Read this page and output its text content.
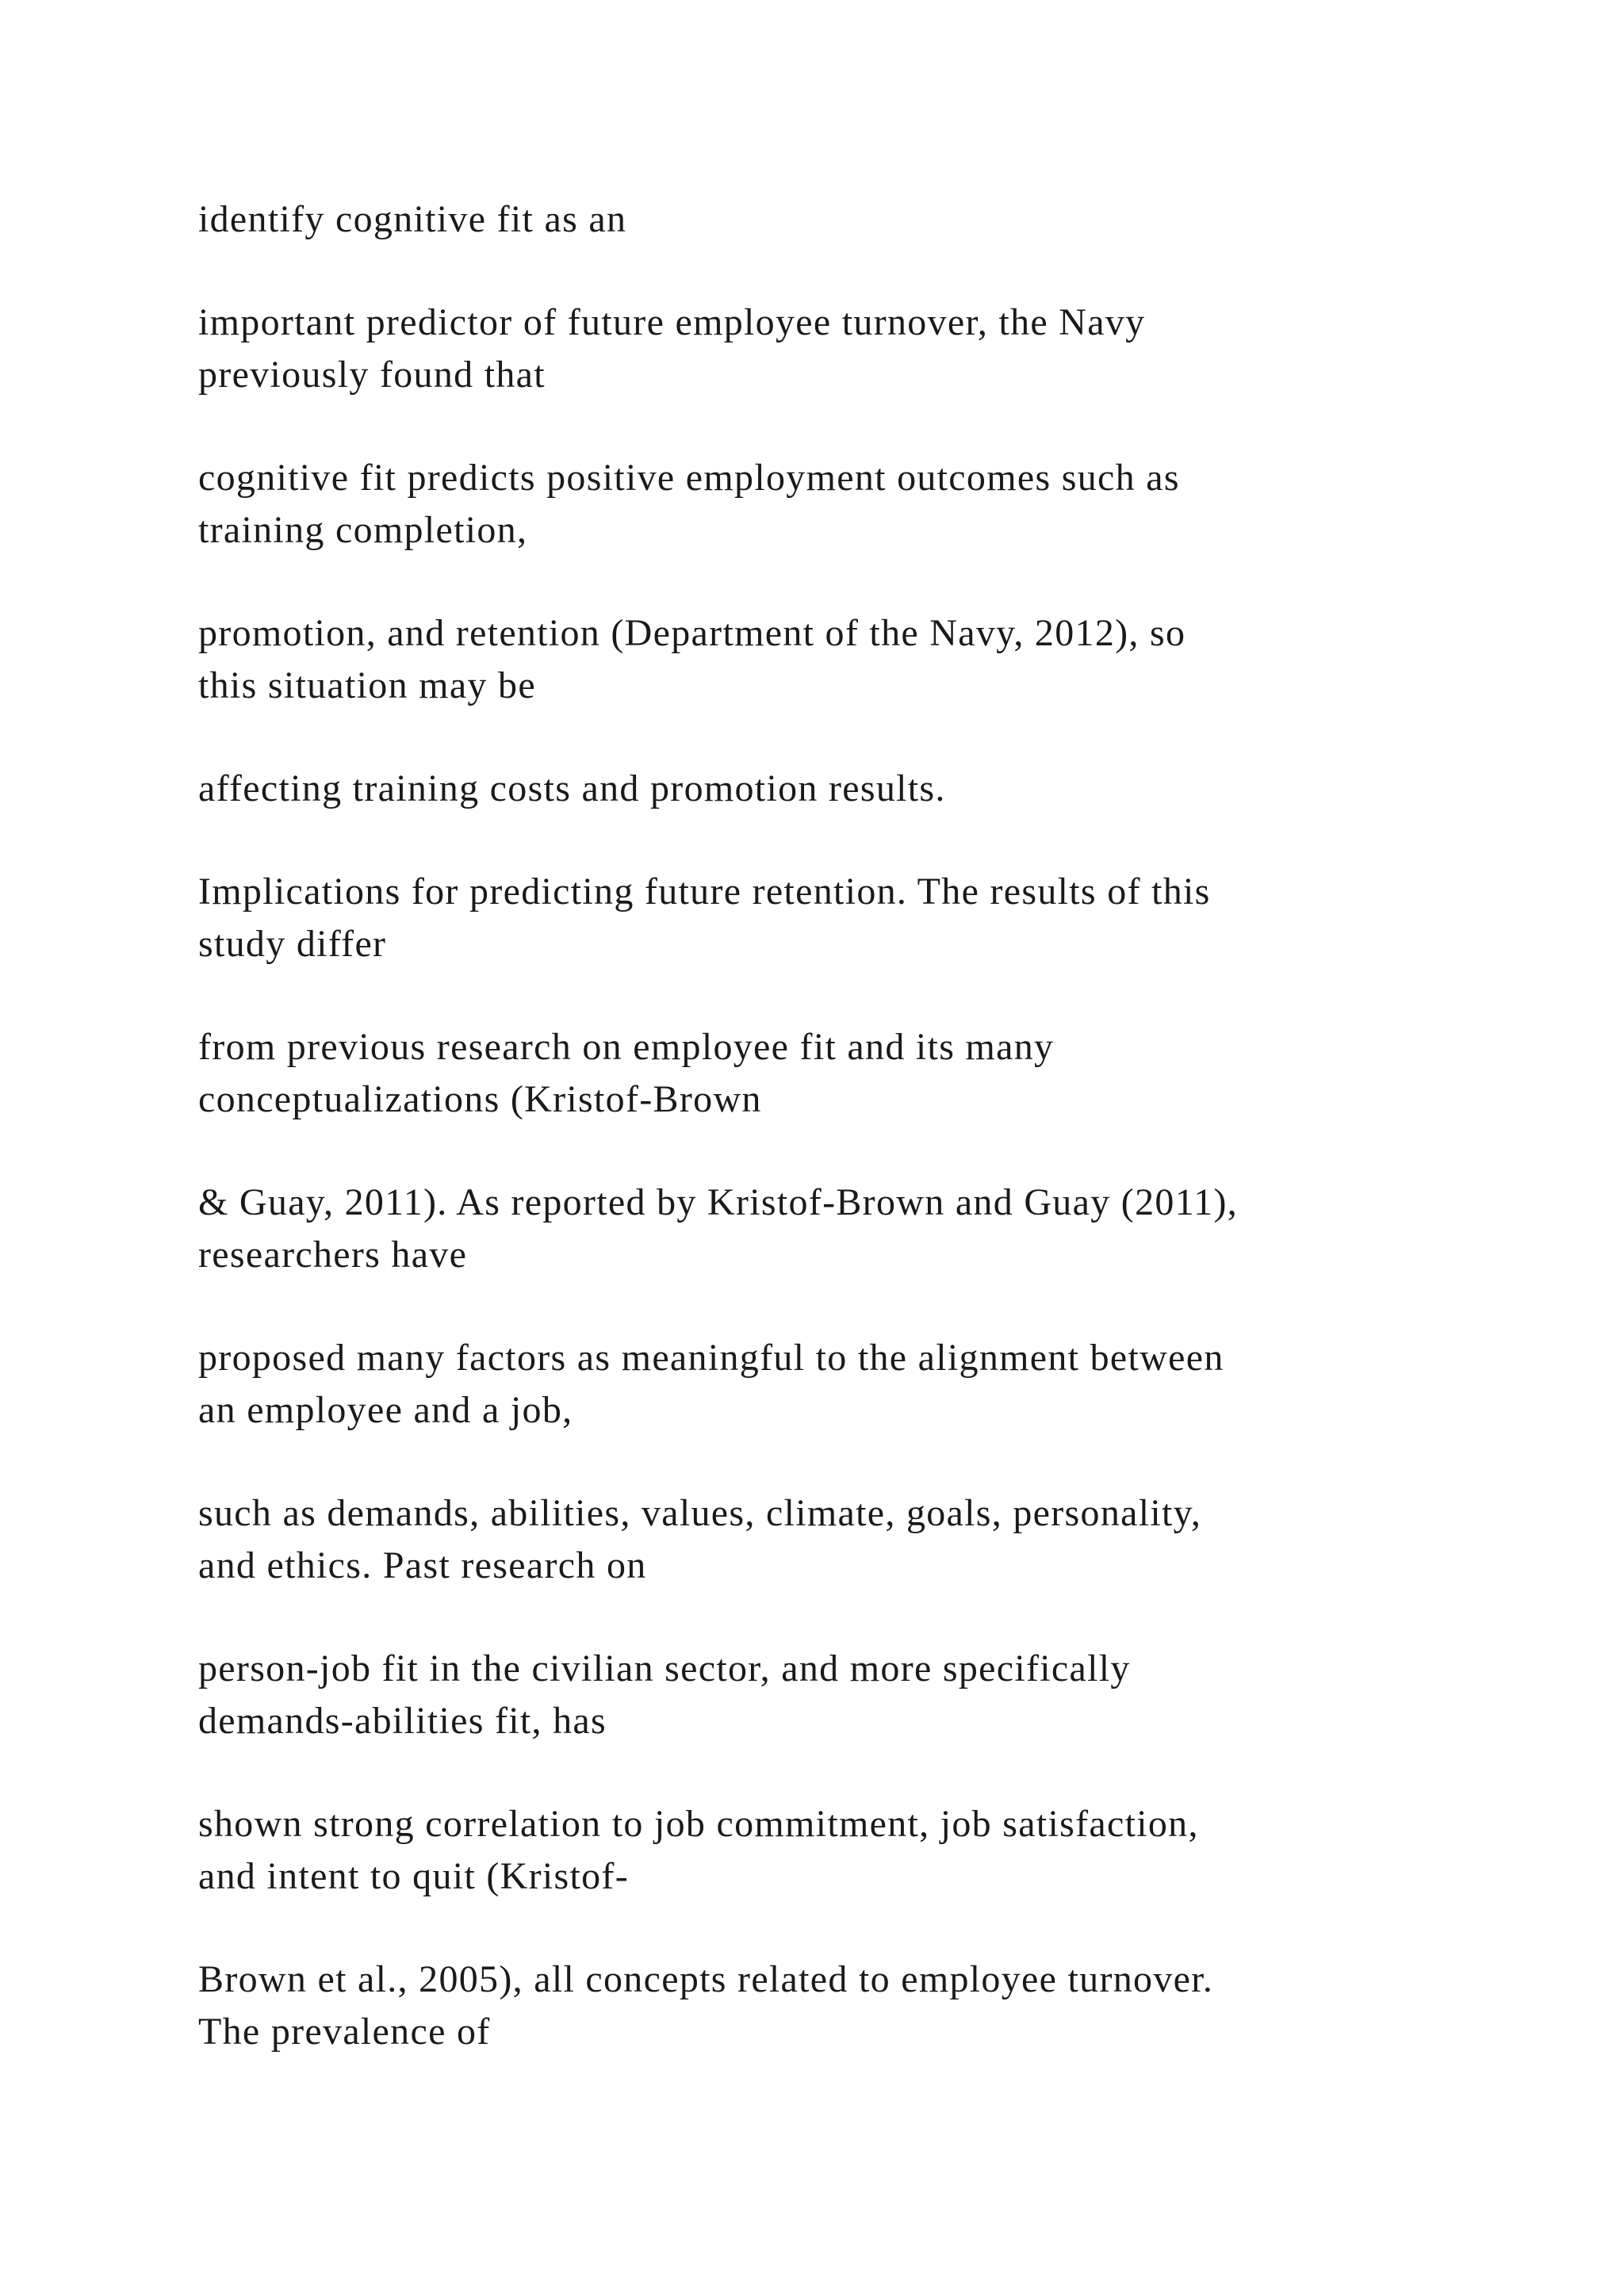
identify cognitive fit as an

important predictor of future employee turnover, the Navy
previously found that

cognitive fit predicts positive employment outcomes such as
training completion,

promotion, and retention (Department of the Navy, 2012), so
this situation may be

affecting training costs and promotion results.

Implications for predicting future retention. The results of this
study differ

from previous research on employee fit and its many
conceptualizations (Kristof-Brown

& Guay, 2011). As reported by Kristof-Brown and Guay (2011),
researchers have

proposed many factors as meaningful to the alignment between
an employee and a job,

such as demands, abilities, values, climate, goals, personality,
and ethics. Past research on

person-job fit in the civilian sector, and more specifically
demands-abilities fit, has

shown strong correlation to job commitment, job satisfaction,
and intent to quit (Kristof-

Brown et al., 2005), all concepts related to employee turnover.
The prevalence of
